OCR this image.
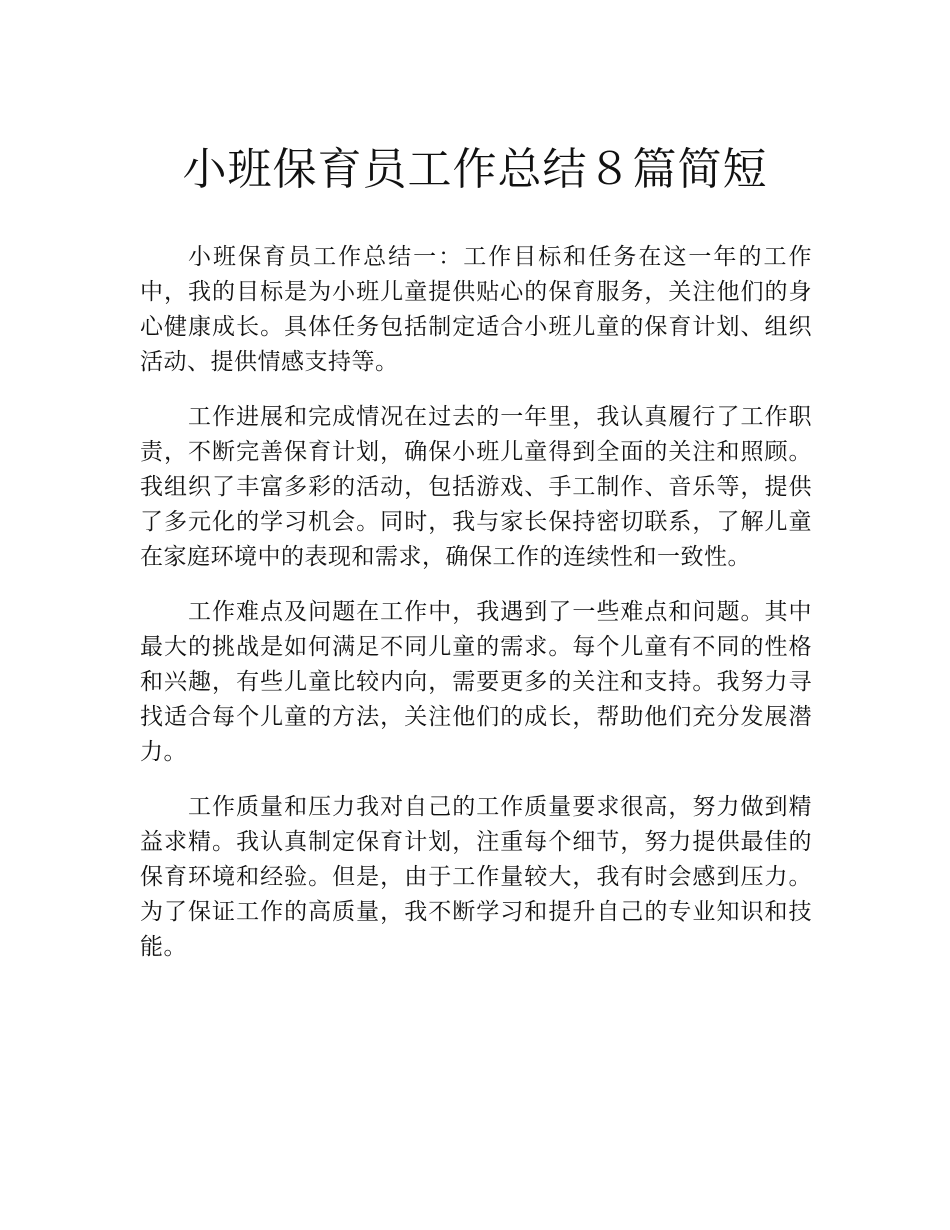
小班保育员工作总结８篇简短

小班保育员工作总结一：工作目标和任务在这一年的工作中，我的目标是为小班儿童提供贴心的保育服务，关注他们的身心健康成长。具体任务包括制定适合小班儿童的保育计划、组织活动、提供情感支持等。

工作进展和完成情况在过去的一年里，我认真履行了工作职责，不断完善保育计划，确保小班儿童得到全面的关注和照顾。我组织了丰富多彩的活动，包括游戏、手工制作、音乐等，提供了多元化的学习机会。同时，我与家长保持密切联系，了解儿童在家庭环境中的表现和需求，确保工作的连续性和一致性。

工作难点及问题在工作中，我遇到了一些难点和问题。其中最大的挑战是如何满足不同儿童的需求。每个儿童有不同的性格和兴趣，有些儿童比较内向，需要更多的关注和支持。我努力寻找适合每个儿童的方法，关注他们的成长，帮助他们充分发展潜力。

工作质量和压力我对自己的工作质量要求很高，努力做到精益求精。我认真制定保育计划，注重每个细节，努力提供最佳的保育环境和经验。但是，由于工作量较大，我有时会感到压力。为了保证工作的高质量，我不断学习和提升自己的专业知识和技能。
